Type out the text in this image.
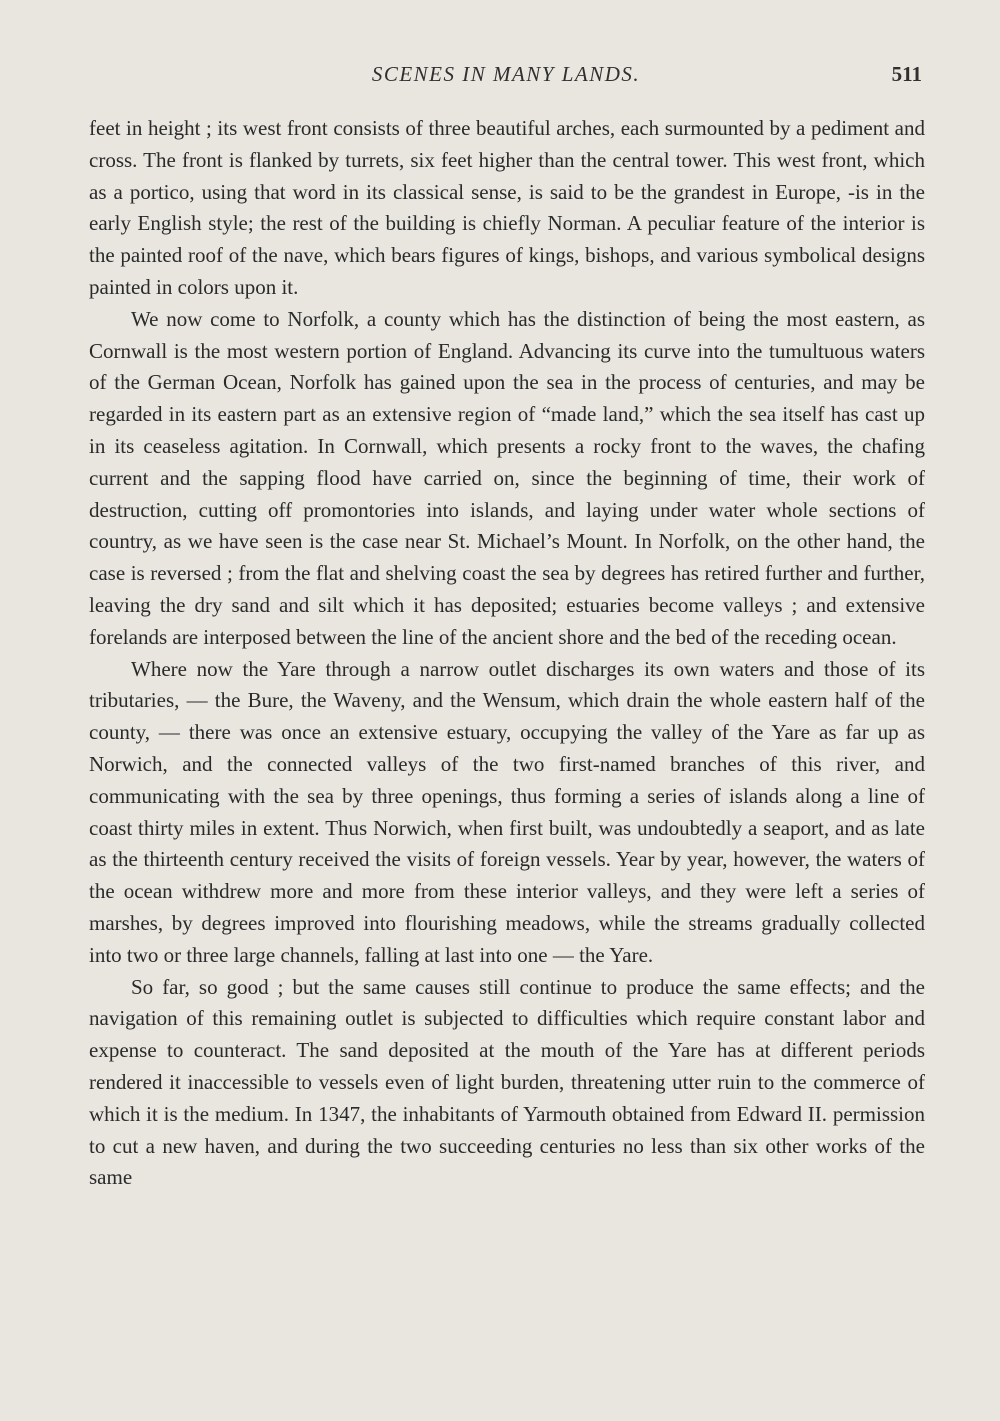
SCENES IN MANY LANDS.	511

feet in height ; its west front consists of three beautiful arches, each surmounted by a pediment and cross. The front is flanked by turrets, six feet higher than the central tower. This west front, which as a portico, using that word in its classical sense, is said to be the grandest in Europe, -is in the early English style; the rest of the building is chiefly Norman. A peculiar feature of the interior is the painted roof of the nave, which bears figures of kings, bishops, and various symbolical designs painted in colors upon it.

We now come to Norfolk, a county which has the distinction of being the most eastern, as Cornwall is the most western portion of England. Advancing its curve into the tumultuous waters of the German Ocean, Norfolk has gained upon the sea in the process of centuries, and may be regarded in its eastern part as an extensive region of “made land,” which the sea itself has cast up in its ceaseless agitation. In Cornwall, which presents a rocky front to the waves, the chafing current and the sapping flood have carried on, since the beginning of time, their work of destruction, cutting off promontories into islands, and laying under water whole sections of country, as we have seen is the case near St. Michael’s Mount. In Norfolk, on the other hand, the case is reversed ; from the flat and shelving coast the sea by degrees has retired further and further, leaving the dry sand and silt which it has deposited; estuaries become valleys ; and extensive forelands are interposed between the line of the ancient shore and the bed of the receding ocean.

Where now the Yare through a narrow outlet discharges its own waters and those of its tributaries, — the Bure, the Waveny, and the Wensum, which drain the whole eastern half of the county, — there was once an extensive estuary, occupying the valley of the Yare as far up as Norwich, and the connected valleys of the two first-named branches of this river, and communicating with the sea by three openings, thus forming a series of islands along a line of coast thirty miles in extent. Thus Norwich, when first built, was undoubtedly a seaport, and as late as the thirteenth century received the visits of foreign vessels. Year by year, however, the waters of the ocean withdrew more and more from these interior valleys, and they were left a series of marshes, by degrees improved into flourishing meadows, while the streams gradually collected into two or three large channels, falling at last into one — the Yare.

So far, so good ; but the same causes still continue to produce the same effects; and the navigation of this remaining outlet is subjected to difficulties which require constant labor and expense to counteract. The sand deposited at the mouth of the Yare has at different periods rendered it inaccessible to vessels even of light burden, threatening utter ruin to the commerce of which it is the medium. In 1347, the inhabitants of Yarmouth obtained from Edward II. permission to cut a new haven, and during the two succeeding centuries no less than six other works of the same
